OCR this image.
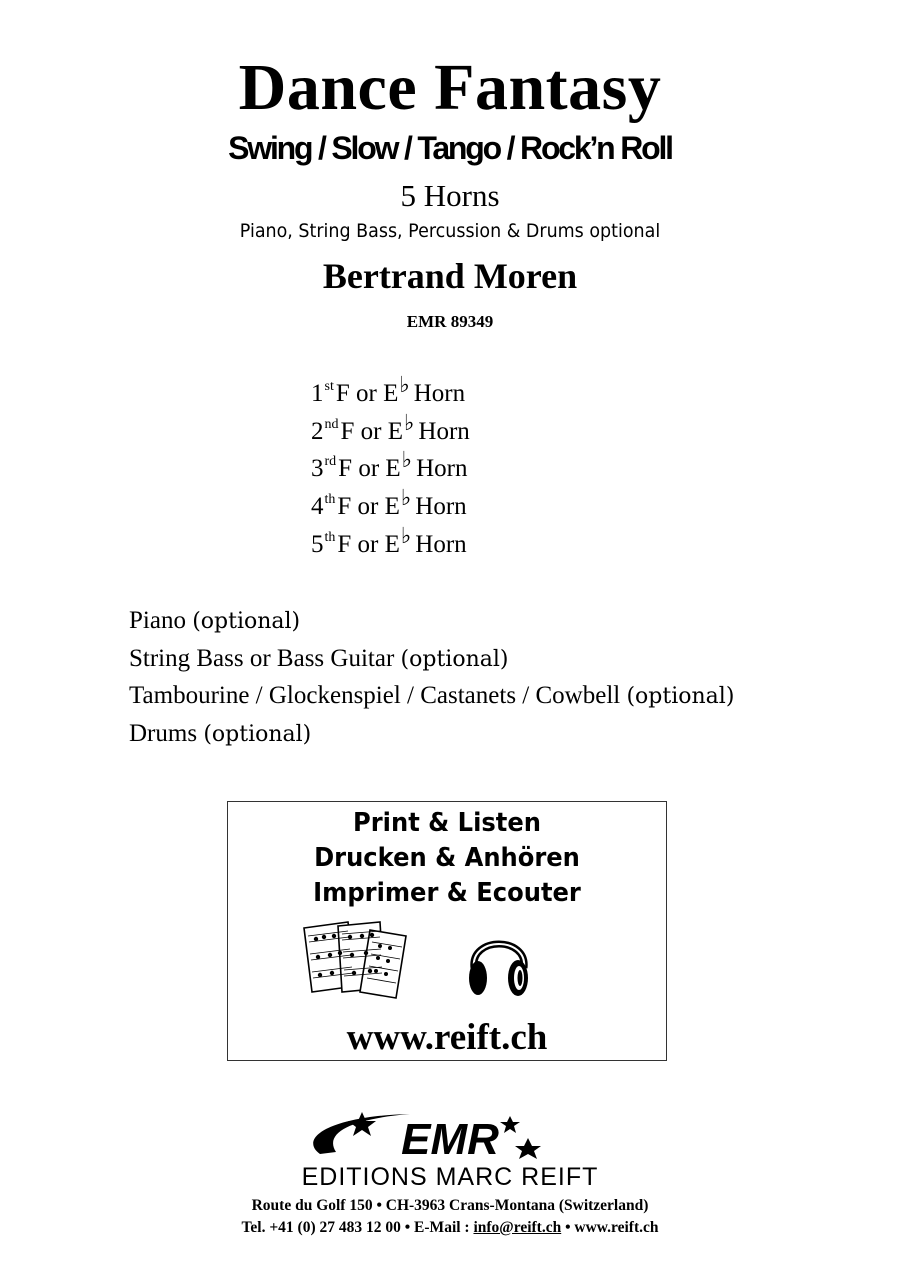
Dance Fantasy
Swing / Slow / Tango / Rock’n Roll
5 Horns
Piano, String Bass, Percussion & Drums optional
Bertrand Moren
EMR 89349
1stF or E♭ Horn
2ndF or E♭ Horn
3rdF or E♭ Horn
4thF or E♭ Horn
5thF or E♭ Horn
Piano (optional)
String Bass or Bass Guitar (optional)
Tambourine / Glockenspiel / Castanets / Cowbell (optional)
Drums (optional)
Print & Listen
Drucken & Anhören
Imprimer & Ecouter
www.reift.ch
EMR
EDITIONS MARC REIFT
Route du Golf 150 • CH-3963 Crans-Montana (Switzerland)
Tel. +41 (0) 27 483 12 00 • E-Mail : info@reift.ch • www.reift.ch
